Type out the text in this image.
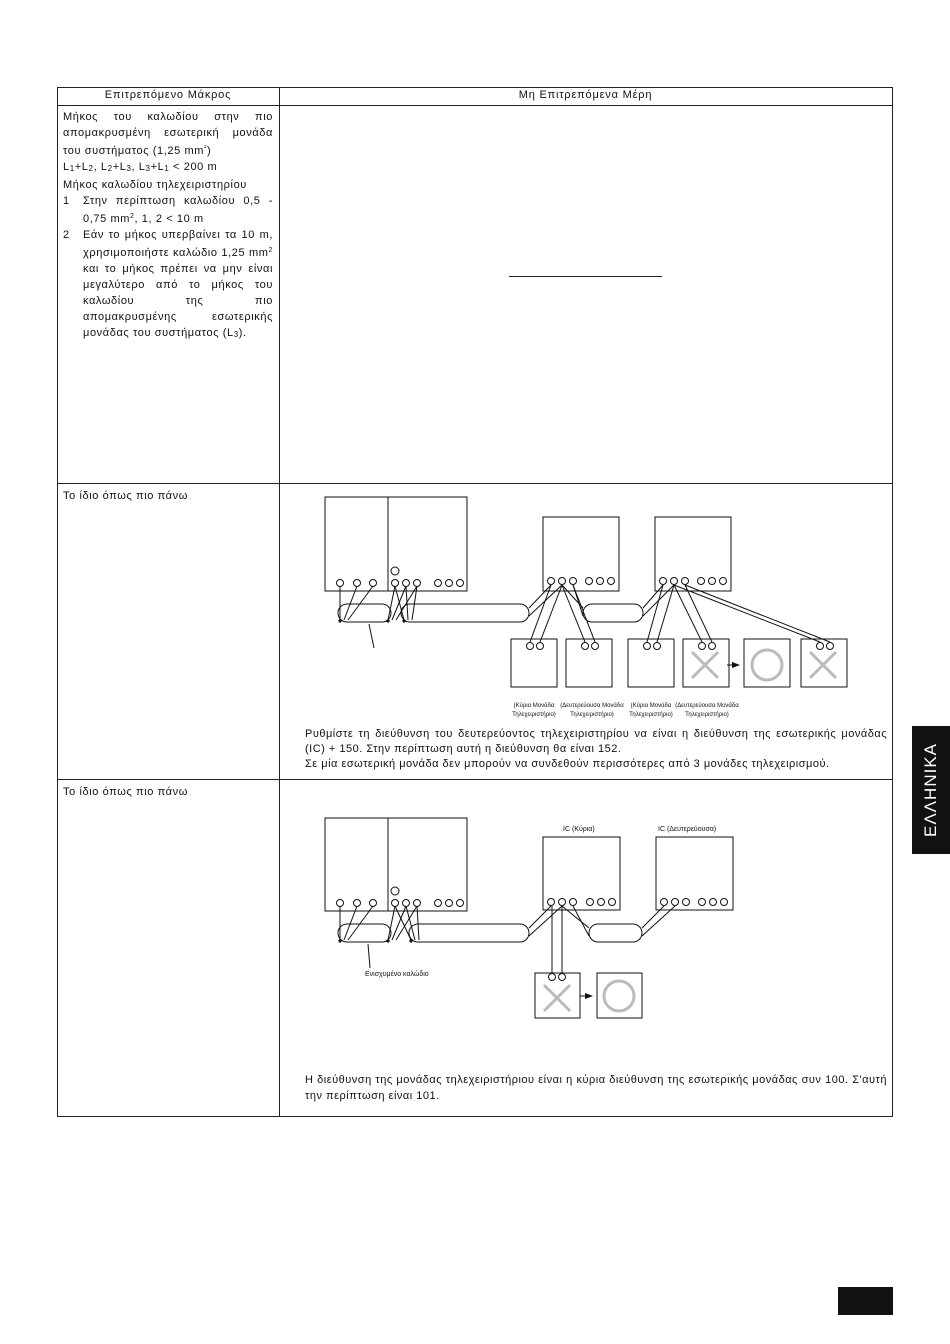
Επιτρεπόμενο Μάκρος	Μη Επιτρεπόμενα Μέρη
Μήκος του καλωδίου στην πιο απομακρυσμένη εσωτερική μονάδα του συστήματος (1,25 $mm^{^2}$)
L1+L2, L2+L3, L3+L1 < 200 m
Μήκος καλωδίου τηλεχειριστηρίου
1 Στην περίπτωση καλωδίου 0,5 - 0,75 $mm^2$, 1, 2 < 10 m
2 Εάν το μήκος υπερβαίνει τα 10 m, χρησιμοποιήστε καλώδιο 1,25 $mm^2$ και το μήκος πρέπει να μην είναι μεγαλύτερο από το μήκος του καλωδίου της πιο απομακρυσμένης εσωτερικής μονάδας του συστήματος (L3).
Το ίδιο όπως πιο πάνω
(Κύρια Μονάδα
Τηλεχειριστήριο)
(Δευτερεύουσα Μονάδα
Τηλεχειριστήριο)
(Κύρια Μονάδα
Τηλεχειριστήριο)
(Δευτερεύουσα Μονάδα
Τηλεχειριστήριο)
Ρυθμίστε τη διεύθυνση του δευτερεύοντος τηλεχειριστηρίου να είναι η διεύθυνση της εσωτερικής μονάδας (IC) + 150. Στην περίπτωση αυτή η διεύθυνση θα είναι 152.
Σε μία εσωτερική μονάδα δεν μπορούν να συνδεθούν περισσότερες από 3 μονάδες τηλεχειρισμού.
Το ίδιο όπως πιο πάνω
IC (Κύρια)	IC (Δευτερεύουσα)
Ενισχυμένο καλώδιο
Η διεύθυνση της μονάδας τηλεχειριστήριου είναι η κύρια διεύθυνση της εσωτερικής μονάδας συν 100. Σ'αυτή την περίπτωση είναι 101.
ΕΛΛΗΝΙΚΑ
